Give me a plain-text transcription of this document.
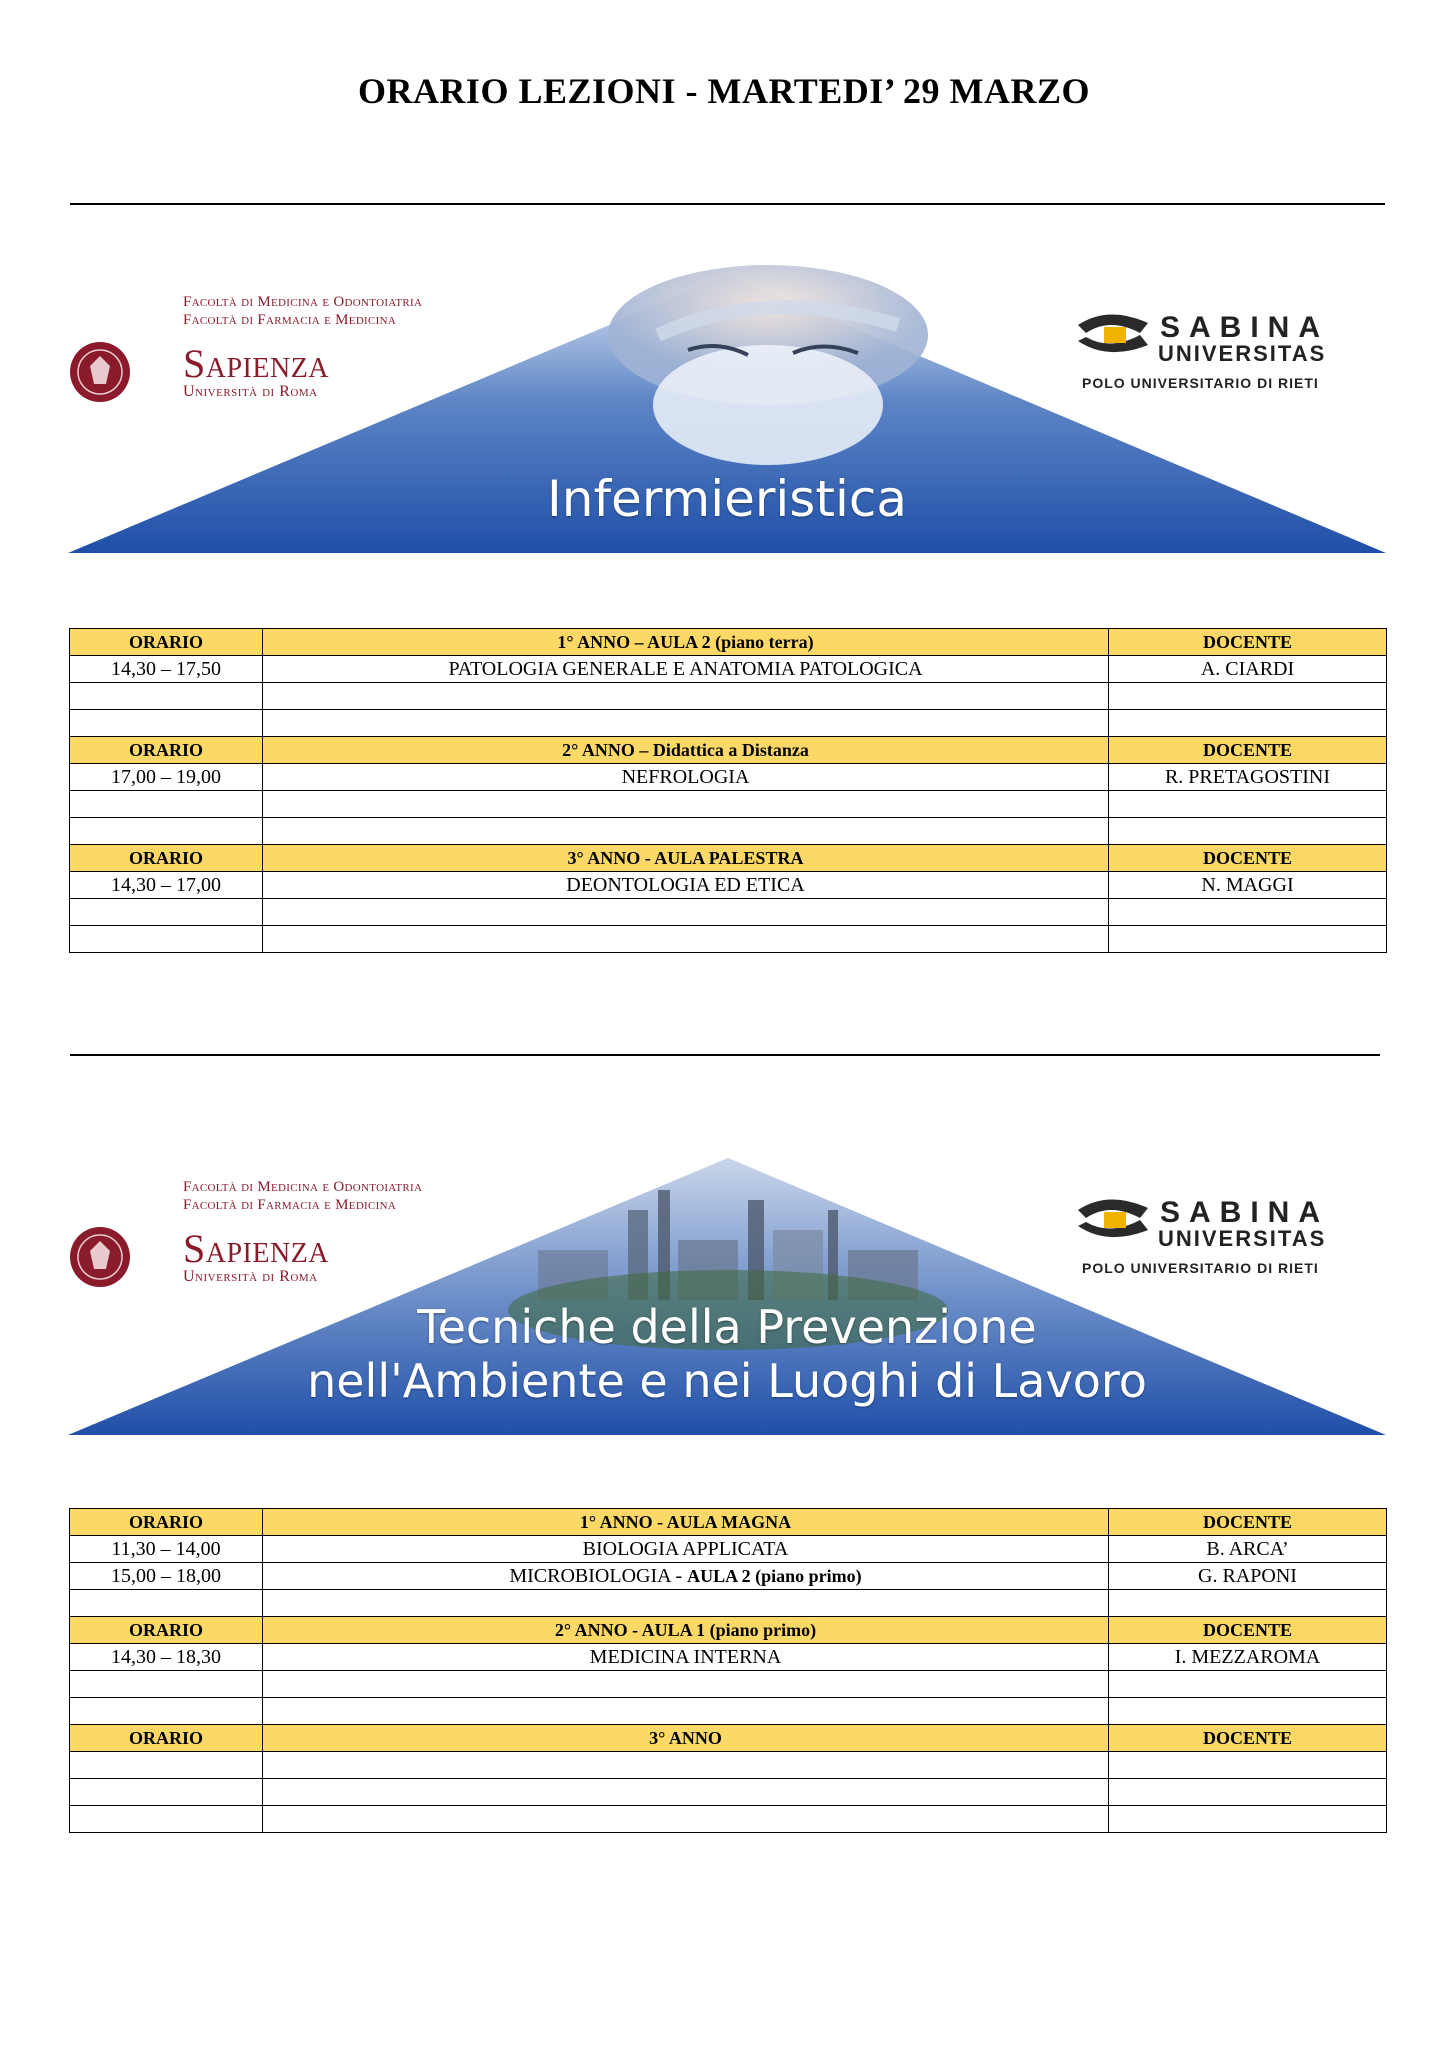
ORARIO LEZIONI - MARTEDI’ 29 MARZO
Facoltà di Medicina e Odontoiatria
Facoltà di Farmacia e Medicina
Sapienza
Università di Roma
SABINA
UNIVERSITAS
POLO UNIVERSITARIO DI RIETI
Infermieristica
ORARIO	1° ANNO – AULA 2 (piano terra)	DOCENTE
14,30 – 17,50	PATOLOGIA GENERALE E ANATOMIA PATOLOGICA	A. CIARDI

ORARIO	2° ANNO – Didattica a Distanza	DOCENTE
17,00 – 19,00	NEFROLOGIA	R. PRETAGOSTINI

ORARIO	3° ANNO - AULA PALESTRA	DOCENTE
14,30 – 17,00	DEONTOLOGIA ED ETICA	N. MAGGI

Facoltà di Medicina e Odontoiatria
Facoltà di Farmacia e Medicina
Sapienza
Università di Roma
SABINA
UNIVERSITAS
POLO UNIVERSITARIO DI RIETI
Tecniche della Prevenzione
nell'Ambiente e nei Luoghi di Lavoro
ORARIO	1° ANNO - AULA MAGNA	DOCENTE
11,30 – 14,00	BIOLOGIA APPLICATA	B. ARCA’
15,00 – 18,00	MICROBIOLOGIA - AULA 2 (piano primo)	G. RAPONI

ORARIO	2° ANNO - AULA 1 (piano primo)	DOCENTE
14,30 – 18,30	MEDICINA INTERNA	I. MEZZAROMA

ORARIO	3° ANNO	DOCENTE
